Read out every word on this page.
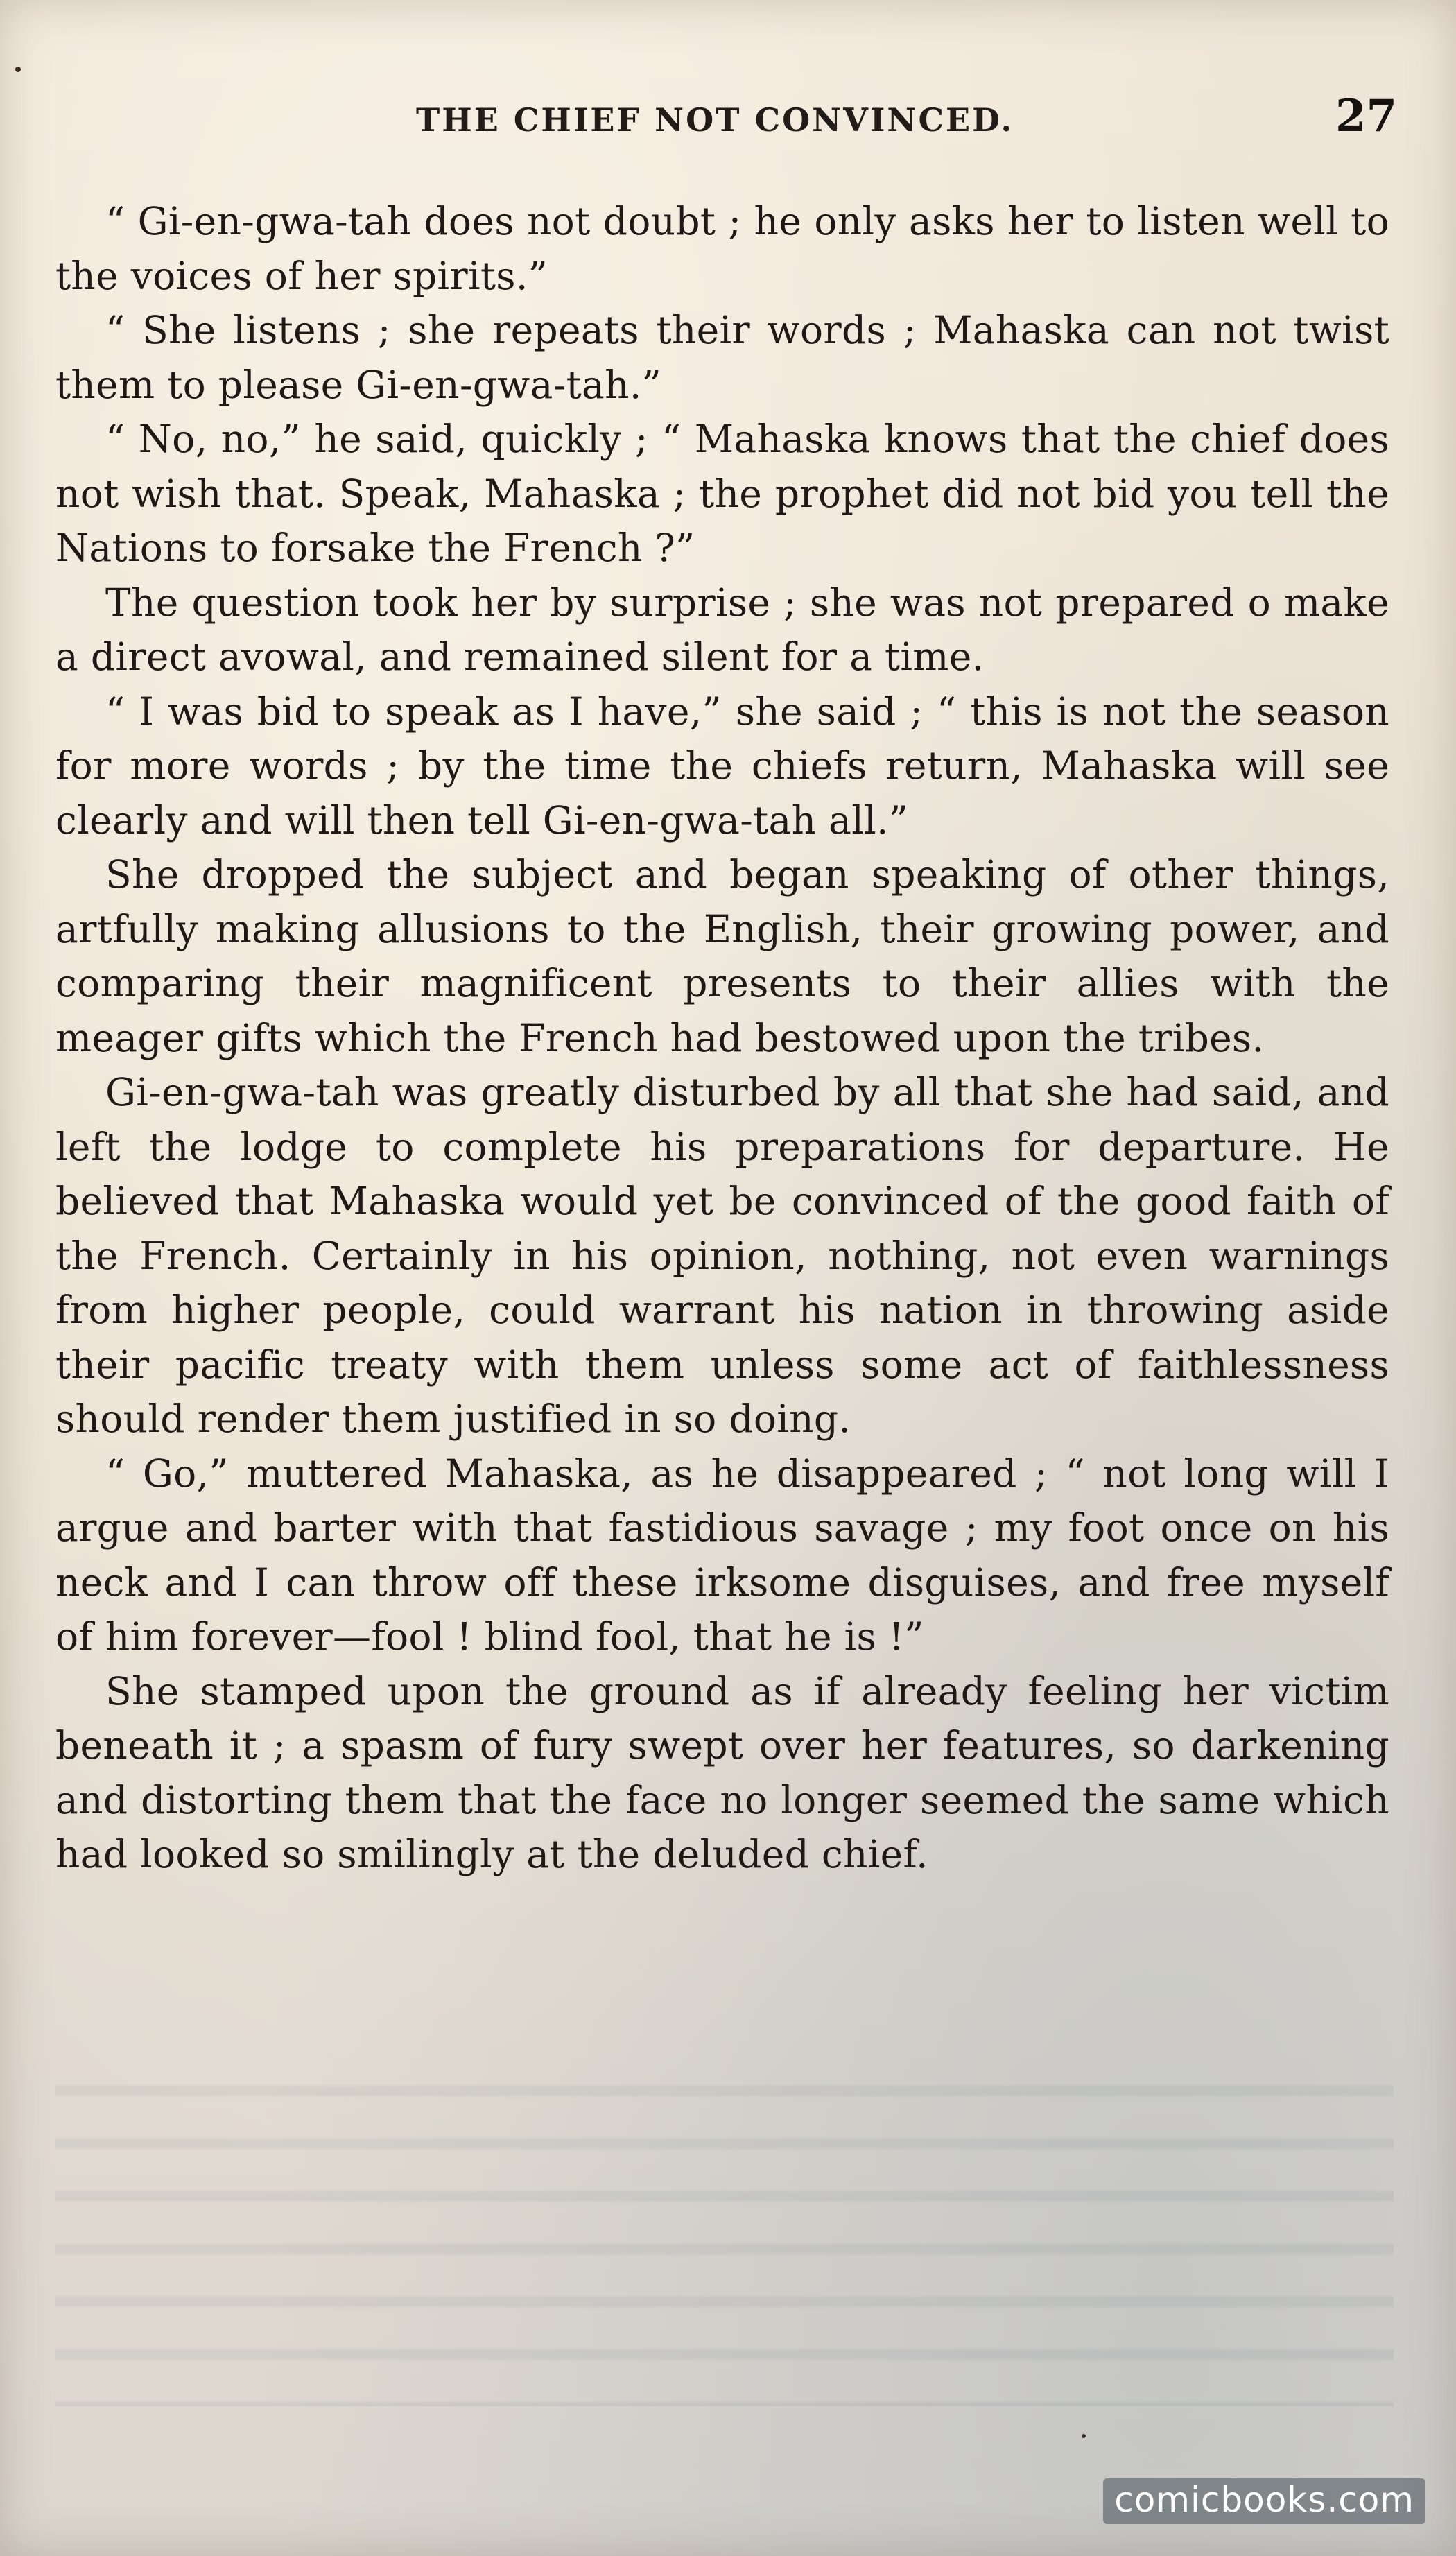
THE CHIEF NOT CONVINCED.	27

“ Gi-en-gwa-tah does not doubt ; he only asks her to listen well to the voices of her spirits.”

“ She listens ; she repeats their words ; Mahaska can not twist them to please Gi-en-gwa-tah.”

“ No, no,” he said, quickly ; “ Mahaska knows that the chief does not wish that. Speak, Mahaska ; the prophet did not bid you tell the Nations to forsake the French ?”

The question took her by surprise ; she was not prepared o make a direct avowal, and remained silent for a time.

“ I was bid to speak as I have,” she said ; “ this is not the season for more words ; by the time the chiefs return, Mahaska will see clearly and will then tell Gi-en-gwa-tah all.”

She dropped the subject and began speaking of other things, artfully making allusions to the English, their growing power, and comparing their magnificent presents to their allies with the meager gifts which the French had bestowed upon the tribes.

Gi-en-gwa-tah was greatly disturbed by all that she had said, and left the lodge to complete his preparations for departure. He believed that Mahaska would yet be convinced of the good faith of the French. Certainly in his opinion, nothing, not even warnings from higher people, could warrant his nation in throwing aside their pacific treaty with them unless some act of faithlessness should render them justified in so doing.

“ Go,” muttered Mahaska, as he disappeared ; “ not long will I argue and barter with that fastidious savage ; my foot once on his neck and I can throw off these irksome disguises, and free myself of him forever—fool ! blind fool, that he is !”

She stamped upon the ground as if already feeling her victim beneath it ; a spasm of fury swept over her features, so darkening and distorting them that the face no longer seemed the same which had looked so smilingly at the deluded chief.

comicbooks.com
